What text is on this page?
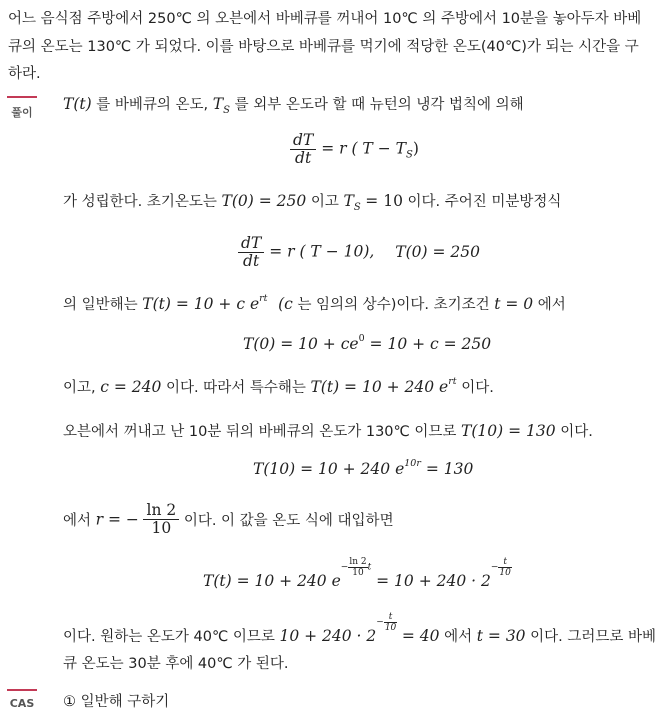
어느 음식점 주방에서 250℃ 의 오븐에서 바베큐를 꺼내어 10℃ 의 주방에서 10분을 놓아두자 바베
큐의 온도는 130℃ 가 되었다. 이를 바탕으로 바베큐를 먹기에 적당한 온도(40℃)가 되는 시간을 구
하라.
풀이 T(t) 를 바베큐의 온도, $T_S$ 를 외부 온도라 할 때 뉴턴의 냉각 법칙에 의해
$\frac{dT}{dt} = r$ ( $T - T_S$)
가 성립한다. 초기온도는 T(0) = 250 이고 $T_S = 10$ 이다. 주어진 미분방정식
$\frac{dT}{dt} = r$ ( T − 10), T(0) = 250
의 일반해는 T(t) = 10 + c $e^{rt}$ (c 는 임의의 상수)이다. 초기조건 t = 0 에서
$T(0) = 10 + ce^0 = 10 + c = 250$
이고, c = 240 이다. 따라서 특수해는 T(t) = 10 + 240 $e^{rt}$ 이다.
오븐에서 꺼내고 난 10분 뒤의 바베큐의 온도가 130℃ 이므로 T(10) = 130 이다.
T(10) = 10 + 240 $e^{10r} = 130$
에서 r = − $\frac{\ln 2}{10}$ 이다. 이 값을 온도 식에 대입하면
T(t) = 10 + 240 $e- \frac{\ln 2}{10}$ $t = 10 + 240 \cdot 2- \frac{t}{10}$
이다. 원하는 온도가 40℃ 이므로 $10 + 240 \cdot 2- \frac{t}{10}$
= 40 에서 t = 30 이다. 그러므로 바베
큐 온도는 30분 후에 40℃ 가 된다.
CAS ① 일반해 구하기
